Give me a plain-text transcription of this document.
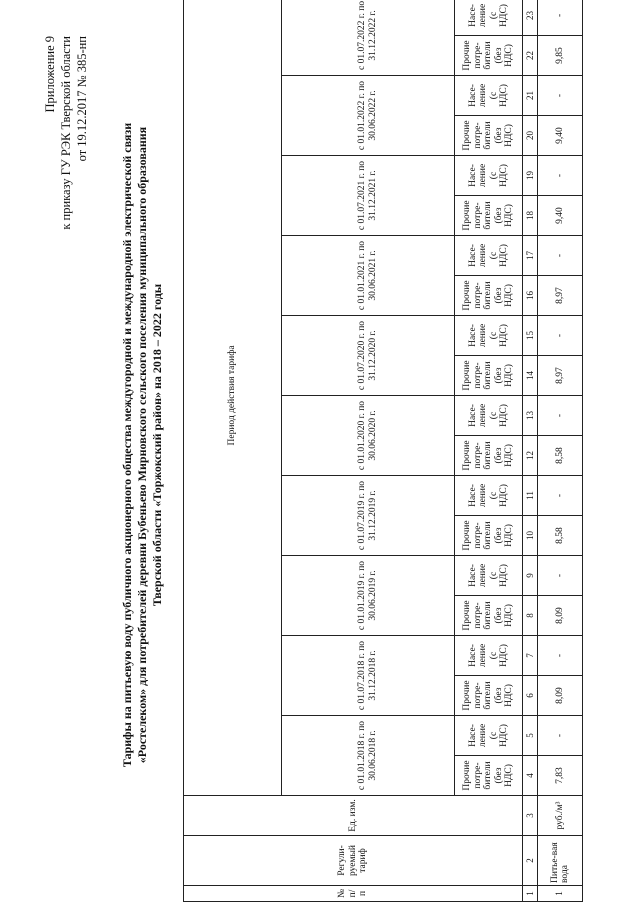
Приложение 9 к приказу ГУ РЭК Тверской области от 19.12.2017 № 385-нп
Тарифы на питьевую воду публичного акционерного общества междугородной и международной электрической связи «Ростелеком» для потребителей деревни Бубеньево Мирновского сельского поселения муниципального образования Тверской области «Торжокский район» на 2018 – 2022 годы
№ п/ п	Регули-руемый тариф	Ед. изм.	Период действия тарифа																			
			с 01.01.2018 г. по 30.06.2018 г.		с 01.07.2018 г. по 31.12.2018 г.		с 01.01.2019 г. по 30.06.2019 г.		с 01.07.2019 г. по 31.12.2019 г.		с 01.01.2020 г. по 30.06.2020 г.		с 01.07.2020 г. по 31.12.2020 г.		с 01.01.2021 г. по 30.06.2021 г.		с 01.07.2021 г. по 31.12.2021 г.		с 01.01.2022 г. по 30.06.2022 г.		с 01.07.2022 г. по 31.12.2022 г.	
			Прочие
потре-
бители
(без
НДС)	Насе-
ление
(с
НДС)	Прочие
потре-
бители
(без
НДС)	Насе-
ление
(с
НДС)	Прочие
потре-
бители
(без
НДС)	Насе-
ление
(с
НДС)	Прочие
потре-
бители
(без
НДС)	Насе-
ление
(с
НДС)	Прочие
потре-
бители
(без
НДС)	Насе-
ление
(с
НДС)	Прочие
потре-
бители
(без
НДС)	Насе-
ление
(с
НДС)	Прочие
потре-
бители
(без
НДС)	Насе-
ление
(с
НДС)	Прочие
потре-
бители
(без
НДС)	Насе-
ление
(с
НДС)	Прочие
потре-
бители
(без
НДС)	Насе-
ление
(с
НДС)	Прочие
потре-
бители
(без
НДС)	Насе-
ление
(с
НДС)
1	2	3	4	5	6	7	8	9	10	11	12	13	14	15	16	17	18	19	20	21	22	23
1	Питье-вая вода	руб./м³	7,83	-	8,09	-	8,09	-	8,58	-	8,58	-	8,97	-	8,97	-	9,40	-	9,40	-	9,85	-
